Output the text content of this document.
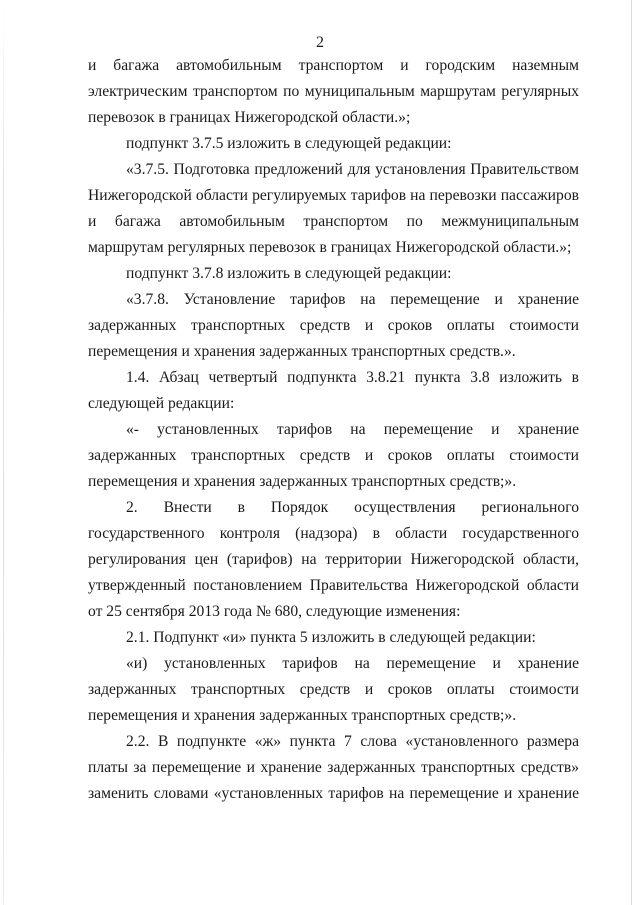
2

и багажа автомобильным транспортом и городским наземным электрическим транспортом по муниципальным маршрутам регулярных перевозок в границах Нижегородской области.»;

подпункт 3.7.5 изложить в следующей редакции:

«3.7.5. Подготовка предложений для установления Правительством Нижегородской области регулируемых тарифов на перевозки пассажиров и багажа автомобильным транспортом по межмуниципальным маршрутам регулярных перевозок в границах Нижегородской области.»;

подпункт 3.7.8 изложить в следующей редакции:

«3.7.8. Установление тарифов на перемещение и хранение задержанных транспортных средств и сроков оплаты стоимости перемещения и хранения задержанных транспортных средств.».

1.4. Абзац четвертый подпункта 3.8.21 пункта 3.8 изложить в следующей редакции:

«- установленных тарифов на перемещение и хранение задержанных транспортных средств и сроков оплаты стоимости перемещения и хранения задержанных транспортных средств;».

2. Внести в Порядок осуществления регионального государственного контроля (надзора) в области государственного регулирования цен (тарифов) на территории Нижегородской области, утвержденный постановлением Правительства Нижегородской области от 25 сентября 2013 года № 680, следующие изменения:

2.1. Подпункт «и» пункта 5 изложить в следующей редакции:

«и) установленных тарифов на перемещение и хранение задержанных транспортных средств и сроков оплаты стоимости перемещения и хранения задержанных транспортных средств;».

2.2. В подпункте «ж» пункта 7 слова «установленного размера платы за перемещение и хранение задержанных транспортных средств» заменить словами «установленных тарифов на перемещение и хранение
